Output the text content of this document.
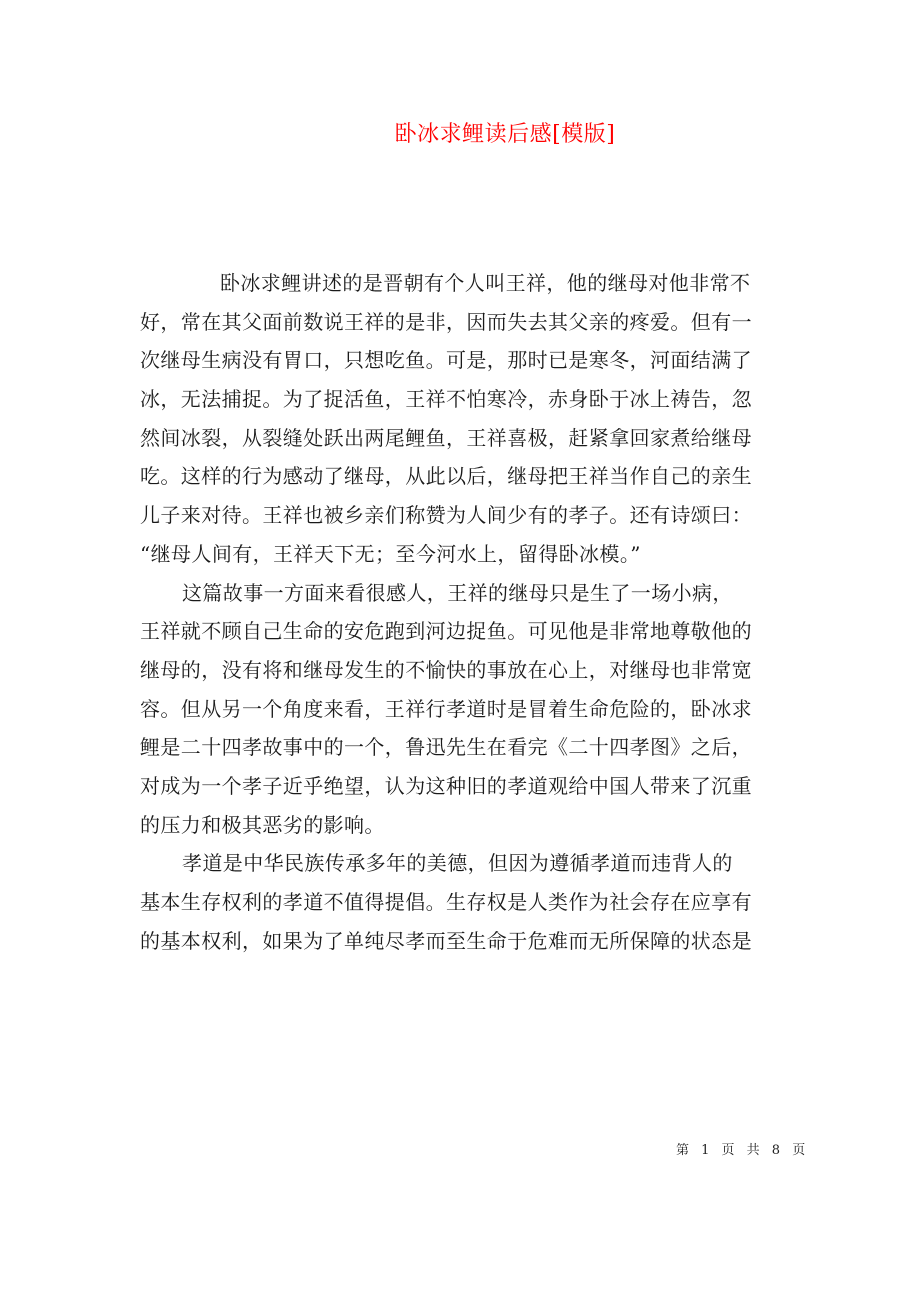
卧冰求鲤读后感[模版]

卧冰求鲤讲述的是晋朝有个人叫王祥，他的继母对他非常不
好，常在其父面前数说王祥的是非，因而失去其父亲的疼爱。但有一
次继母生病没有胃口，只想吃鱼。可是，那时已是寒冬，河面结满了
冰，无法捕捉。为了捉活鱼，王祥不怕寒冷，赤身卧于冰上祷告，忽
然间冰裂，从裂缝处跃出两尾鲤鱼，王祥喜极，赶紧拿回家煮给继母
吃。这样的行为感动了继母，从此以后，继母把王祥当作自己的亲生
儿子来对待。王祥也被乡亲们称赞为人间少有的孝子。还有诗颂曰：
“继母人间有，王祥天下无；至今河水上，留得卧冰模。”

这篇故事一方面来看很感人，王祥的继母只是生了一场小病，
王祥就不顾自己生命的安危跑到河边捉鱼。可见他是非常地尊敬他的
继母的，没有将和继母发生的不愉快的事放在心上，对继母也非常宽
容。但从另一个角度来看，王祥行孝道时是冒着生命危险的，卧冰求
鲤是二十四孝故事中的一个，鲁迅先生在看完《二十四孝图》之后，
对成为一个孝子近乎绝望，认为这种旧的孝道观给中国人带来了沉重
的压力和极其恶劣的影响。

孝道是中华民族传承多年的美德，但因为遵循孝道而违背人的
基本生存权利的孝道不值得提倡。生存权是人类作为社会存在应享有
的基本权利，如果为了单纯尽孝而至生命于危难而无所保障的状态是

第 1 页 共 8 页
